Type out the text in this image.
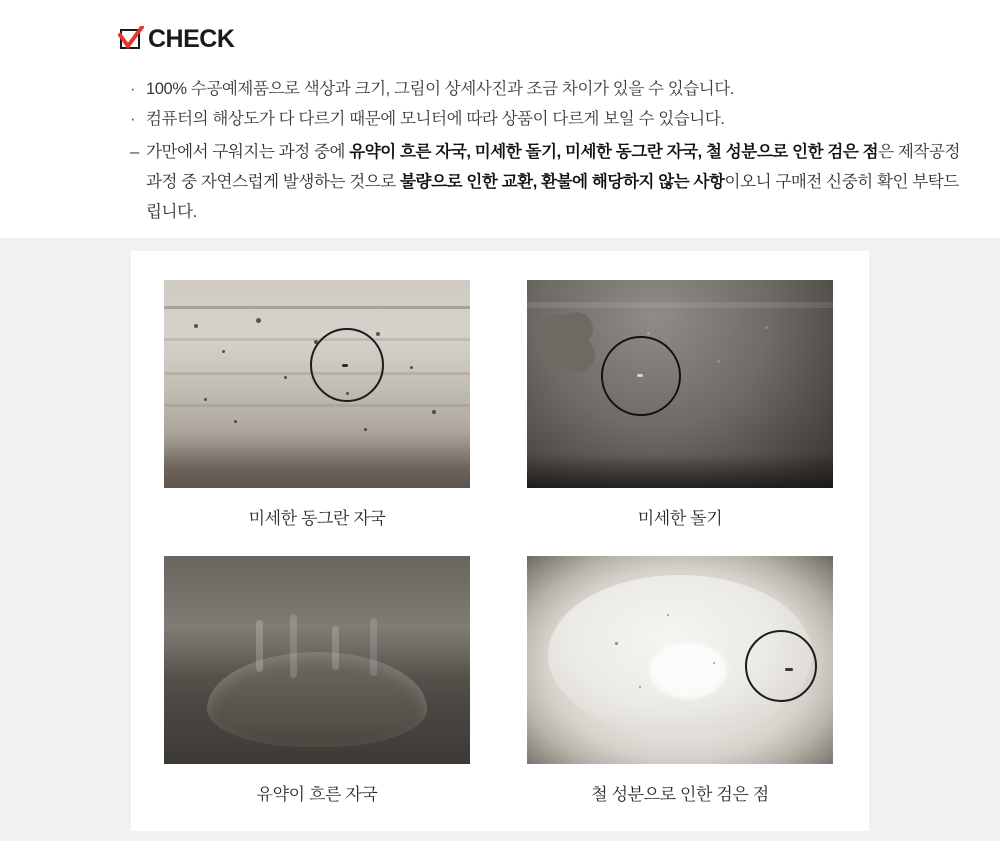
CHECK
· 100% 수공예제품으로 색상과 크기, 그림이 상세사진과 조금 차이가 있을 수 있습니다.
· 컴퓨터의 해상도가 다 다르기 때문에 모니터에 따라 상품이 다르게 보일 수 있습니다.
– 가만에서 구워지는 과정 중에 유약이 흐른 자국, 미세한 돌기, 미세한 동그란 자국, 철 성분으로 인한 검은 점은 제작공정 과정 중 자연스럽게 발생하는 것으로 불량으로 인한 교환, 환불에 해당하지 않는 사항이오니 구매전 신중히 확인 부탁드립니다.
미세한 동그란 자국	미세한 돌기
유약이 흐른 자국	철 성분으로 인한 검은 점
